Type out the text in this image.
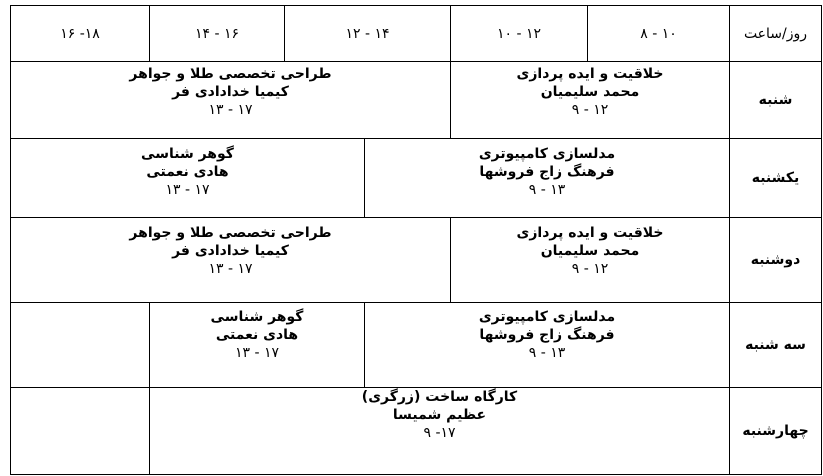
روز/ساعت	۸ - ۱۰	۱۰ - ۱۲	۱۲ - ۱۴		۱۴ - ۱۶	۱۶ -۱۸
شنبه	خلاقیت و ایده پردازی
محمد سلیمیان
۹ - ۱۲		طراحی تخصصی طلا و جواهر
کیمیا خدادادی فر
۱۳ - ۱۷			

یکشنبه	مدلسازی کامپیوتری
فرهنگ زاج فروشها
۹ - ۱۳			گوهر شناسی
هادی نعمتی
۱۳ - ۱۷		

دوشنبه	خلاقیت و ایده پردازی
محمد سلیمیان
۹ - ۱۲		طراحی تخصصی طلا و جواهر
کیمیا خدادادی فر
۱۳ - ۱۷			

سه شنبه	مدلسازی کامپیوتری
فرهنگ زاج فروشها
۹ - ۱۳			گوهر شناسی
هادی نعمتی
۱۳ - ۱۷		

چهارشنبه	کارگاه ساخت (زرگری)
عظیم شمیسا
۹ -۱۷					
